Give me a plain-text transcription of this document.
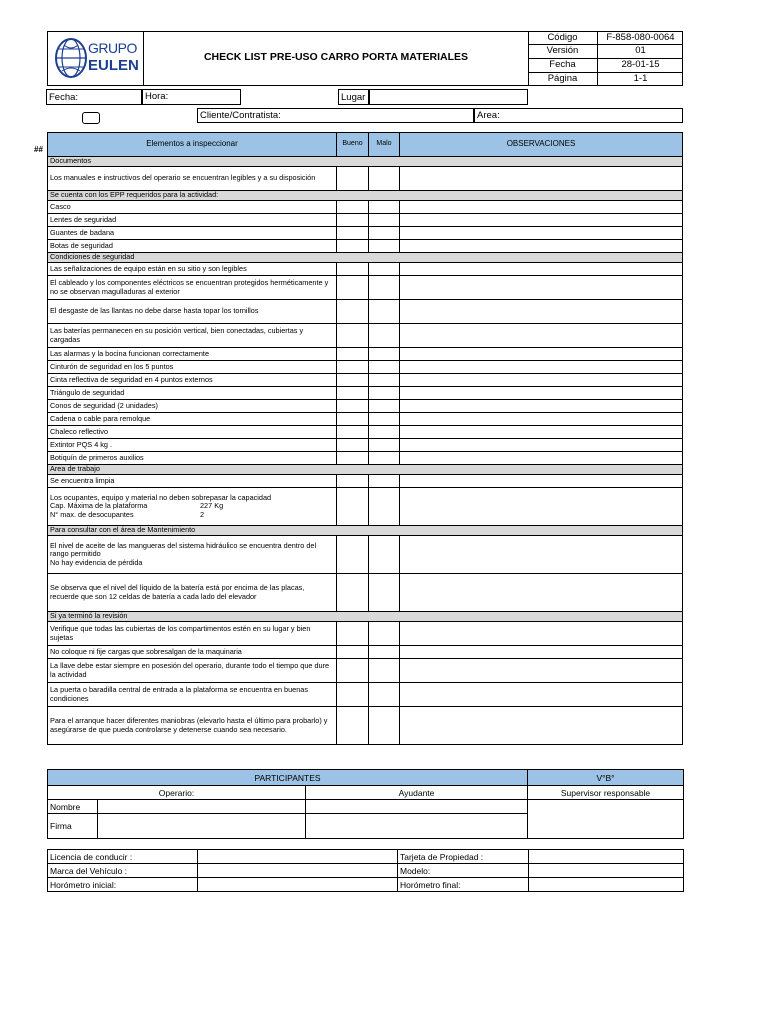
GRUPO
EULEN	CHECK LIST PRE-USO CARRO PORTA MATERIALES
Código	F-858-080-0064
Versión	01
Fecha	28-01-15
Página	1-1
Fecha:	Hora:	Lugar
Cliente/Contratista:	Area:
##
Elementos a inspeccionar	Bueno	Malo	OBSERVACIONES
Documentos			

Los manuales e instructivos del operario se encuentran legibles y a su disposición			

Se cuenta con los EPP requeridos para la actividad:			

Casco			

Lentes de seguridad			

Guantes de badana			

Botas de seguridad			

Condiciones de seguridad			

Las señalizaciones de equipo están en su sitio y son legibles			

El cableado y los componentes eléctricos se encuentran protegidos herméticamente y no se observan magulladuras al exterior			

El desgaste de las llantas no debe darse hasta topar los tornillos			

Las baterías permanecen en su posición vertical, bien conectadas, cubiertas y cargadas			

Las alarmas y la bocina funcionan correctamente			

Cinturón de seguridad en los 5 puntos			

Cinta reflectiva de seguridad en 4 puntos externos			

Triángulo de seguridad			

Conos de seguridad (2 unidades)			

Cadena o cable para remolque			

Chaleco reflectivo			

Extintor PQS 4 kg .			

Botiquín de primeros auxilios			

Area de trabajo			

Se encuentra limpia			

Los ocupantes, equipo y material no deben sobrepasar la capacidad
Cap. Máxima de la plataforma 227 Kg
N° max. de desocupantes 2			

Para consultar con el área de Mantenimiento			

El nivel de aceite de las mangueras del sistema hidráulico se encuentra dentro del rango permitido
No hay evidencia de pérdida			

Se observa que el nivel del líquido de la batería está por encima de las placas, recuerde que son 12 celdas de batería a cada lado del elevador			

Si ya terminó la revisión			

Verifique que todas las cubiertas de los compartimentos estén en su lugar y bien sujetas			

No coloque ni fije cargas que sobresalgan de la maquinaria			

La llave debe estar siempre en posesión del operario, durante todo el tiempo que dure la actividad			

La puerta o baradilla central de entrada a la plataforma se encuentra en buenas condiciones			

Para el arranque hacer diferentes maniobras (elevarlo hasta el último para probarlo) y asegúrarse de que pueda controlarse y detenerse cuando sea necesario.			

PARTICIPANTES			V°B°
Operario:		Ayudante	Supervisor responsable
Nombre			
Firma			
Licencia de conducir :		Tarjeta de Propiedad :	
Marca del Vehículo :		Modelo:	
Horómetro inicial:		Horómetro final:	
